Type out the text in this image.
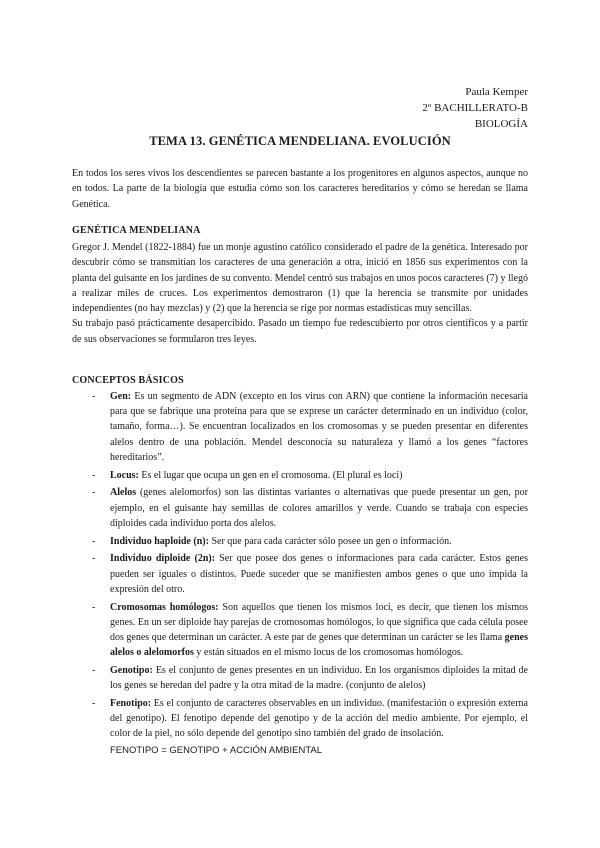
Paula Kemper
2º BACHILLERATO-B
BIOLOGÍA
TEMA 13. GENÉTICA MENDELIANA. EVOLUCIÓN

En todos los seres vivos los descendientes se parecen bastante a los progenitores en algunos aspectos, aunque no en todos. La parte de la biología que estudia cómo son los caracteres hereditarios y cómo se heredan se llama Genética.

GENÉTICA MENDELIANA

Gregor J. Mendel (1822-1884) fue un monje agustino católico considerado el padre de la genética. Interesado por descubrir cómo se transmitían los caracteres de una generación a otra, inició en 1856 sus experimentos con la planta del guisante en los jardines de su convento. Mendel centró sus trabajos en unos pocos caracteres (7) y llegó a realizar miles de cruces. Los experimentos demostraron (1) que la herencia se transmite por unidades independientes (no hay mezclas) y (2) que la herencia se rige por normas estadísticas muy sencillas.

Su trabajo pasó prácticamente desapercibido. Pasado un tiempo fue redescubierto por otros científicos y a partir de sus observaciones se formularon tres leyes.

CONCEPTOS BÁSICOS
- Gen: Es un segmento de ADN (excepto en los virus con ARN) que contiene la información necesaria para que se fabrique una proteína para que se exprese un carácter determinado en un individuo (color, tamaño, forma…). Se encuentran localizados en los cromosomas y se pueden presentar en diferentes alelos dentro de una población. Mendel desconocía su naturaleza y llamó a los genes “factores hereditarios”.
- Locus: Es el lugar que ocupa un gen en el cromosoma. (El plural es loci)
- Alelos (genes alelomorfos) son las distintas variantes o alternativas que puede presentar un gen, por ejemplo, en el guisante hay semillas de colores amarillos y verde. Cuando se trabaja con especies diploides cada individuo porta dos alelos.
- Individuo haploide (n): Ser que para cada carácter sólo posee un gen o información.
- Individuo diploide (2n): Ser que posee dos genes o informaciones para cada carácter. Estos genes pueden ser iguales o distintos. Puede suceder que se manifiesten ambos genes o que uno impida la expresión del otro.
- Cromosomas homólogos: Son aquellos que tienen los mismos loci, es decir, que tienen los mismos genes. En un ser diploide hay parejas de cromosomas homólogos, lo que significa que cada célula posee dos genes que determinan un carácter. A este par de genes que determinan un carácter se les llama genes alelos o alelomorfos y están situados en el mismo locus de los cromosomas homólogos.
- Genotipo: Es el conjunto de genes presentes en un individuo. En los organismos diploides la mitad de los genes se heredan del padre y la otra mitad de la madre. (conjunto de alelos)
- Fenotipo: Es el conjunto de caracteres observables en un individuo. (manifestación o expresión externa del genotipo). El fenotipo depende del genotipo y de la acción del medio ambiente. Por ejemplo, el color de la piel, no sólo depende del genotipo sino también del grado de insolación.
FENOTIPO = GENOTIPO + ACCIÓN AMBIENTAL
